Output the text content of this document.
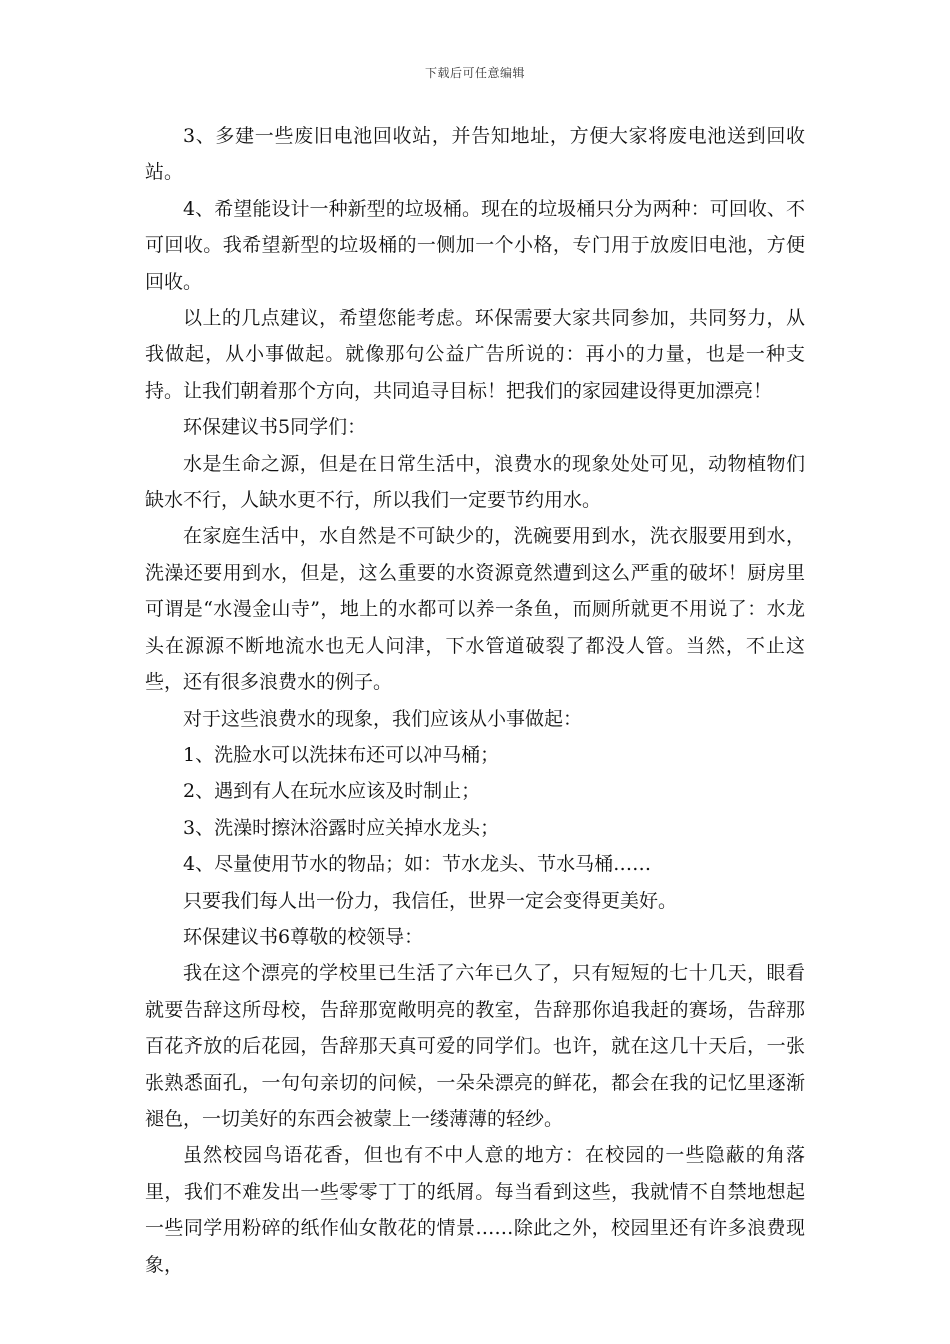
下载后可任意编辑

3、多建一些废旧电池回收站，并告知地址，方便大家将废电池送到回收站。

4、希望能设计一种新型的垃圾桶。现在的垃圾桶只分为两种：可回收、不可回收。我希望新型的垃圾桶的一侧加一个小格，专门用于放废旧电池，方便回收。

以上的几点建议，希望您能考虑。环保需要大家共同参加，共同努力，从我做起，从小事做起。就像那句公益广告所说的：再小的力量，也是一种支持。让我们朝着那个方向，共同追寻目标！把我们的家园建设得更加漂亮！

环保建议书5同学们：

水是生命之源，但是在日常生活中，浪费水的现象处处可见，动物植物们缺水不行，人缺水更不行，所以我们一定要节约用水。

在家庭生活中，水自然是不可缺少的，洗碗要用到水，洗衣服要用到水，洗澡还要用到水，但是，这么重要的水资源竟然遭到这么严重的破坏！厨房里可谓是“水漫金山寺”，地上的水都可以养一条鱼，而厕所就更不用说了：水龙头在源源不断地流水也无人问津，下水管道破裂了都没人管。当然，不止这些，还有很多浪费水的例子。

对于这些浪费水的现象，我们应该从小事做起：

1、洗脸水可以洗抹布还可以冲马桶；

2、遇到有人在玩水应该及时制止；

3、洗澡时擦沐浴露时应关掉水龙头；

4、尽量使用节水的物品；如：节水龙头、节水马桶……

只要我们每人出一份力，我信任，世界一定会变得更美好。

环保建议书6尊敬的校领导：

我在这个漂亮的学校里已生活了六年已久了，只有短短的七十几天，眼看就要告辞这所母校，告辞那宽敞明亮的教室，告辞那你追我赶的赛场，告辞那百花齐放的后花园，告辞那天真可爱的同学们。也许，就在这几十天后，一张张熟悉面孔，一句句亲切的问候，一朵朵漂亮的鲜花，都会在我的记忆里逐渐褪色，一切美好的东西会被蒙上一缕薄薄的轻纱。

虽然校园鸟语花香，但也有不中人意的地方：在校园的一些隐蔽的角落里，我们不难发出一些零零丁丁的纸屑。每当看到这些，我就情不自禁地想起一些同学用粉碎的纸作仙女散花的情景……除此之外，校园里还有许多浪费现象，
